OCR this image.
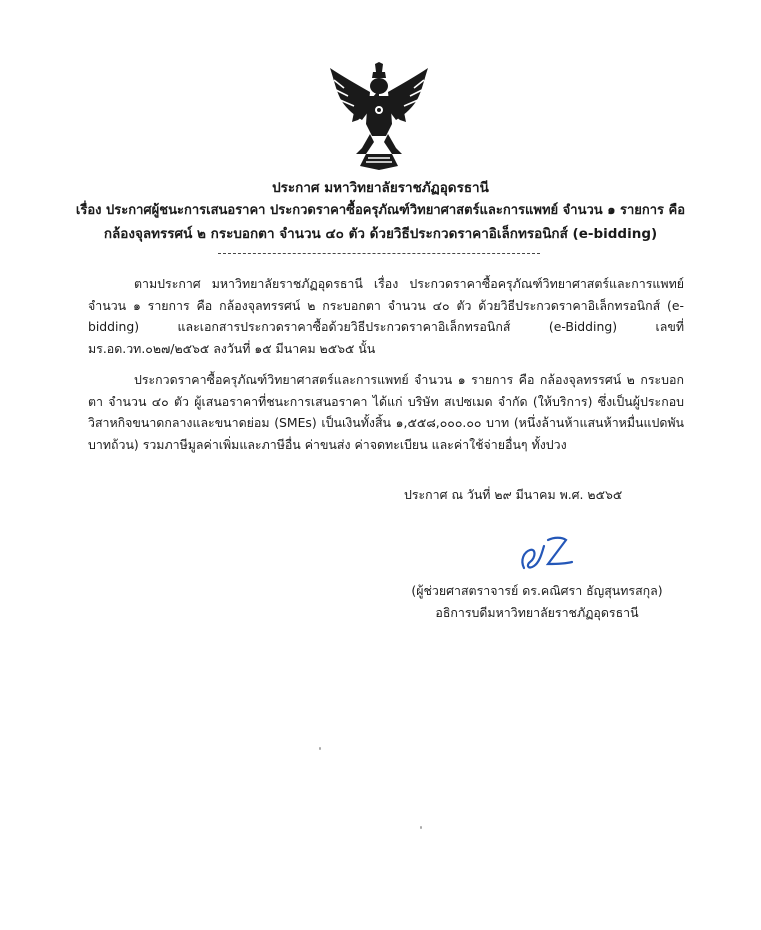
ประกาศ มหาวิทยาลัยราชภัฏอุดรธานี
เรื่อง ประกาศผู้ชนะการเสนอราคา ประกวดราคาซื้อครุภัณฑ์วิทยาศาสตร์และการแพทย์ จำนวน ๑ รายการ คือ
กล้องจุลทรรศน์ ๒ กระบอกตา จำนวน ๔๐ ตัว ด้วยวิธีประกวดราคาอิเล็กทรอนิกส์ (e-bidding)
ตามประกาศ มหาวิทยาลัยราชภัฏอุดรธานี เรื่อง ประกวดราคาซื้อครุภัณฑ์วิทยาศาสตร์และการแพทย์ จำนวน ๑ รายการ คือ กล้องจุลทรรศน์ ๒ กระบอกตา จำนวน ๔๐ ตัว ด้วยวิธีประกวดราคาอิเล็กทรอนิกส์ (e-bidding) และเอกสารประกวดราคาซื้อด้วยวิธีประกวดราคาอิเล็กทรอนิกส์ (e-Bidding) เลขที่ มร.อด.วท.๐๒๗/๒๕๖๕ ลงวันที่ ๑๕ มีนาคม ๒๕๖๕ นั้น
ประกวดราคาซื้อครุภัณฑ์วิทยาศาสตร์และการแพทย์ จำนวน ๑ รายการ คือ กล้องจุลทรรศน์ ๒ กระบอกตา จำนวน ๔๐ ตัว ผู้เสนอราคาที่ชนะการเสนอราคา ได้แก่ บริษัท สเปซเมด จำกัด (ให้บริการ) ซึ่งเป็นผู้ประกอบวิสาหกิจขนาดกลางและขนาดย่อม (SMEs) เป็นเงินทั้งสิ้น ๑,๕๕๘,๐๐๐.๐๐ บาท (หนึ่งล้านห้าแสนห้าหมื่นแปดพันบาทถ้วน) รวมภาษีมูลค่าเพิ่มและภาษีอื่น ค่าขนส่ง ค่าจดทะเบียน และค่าใช้จ่ายอื่นๆ ทั้งปวง
ประกาศ ณ วันที่ ๒๙ มีนาคม พ.ศ. ๒๕๖๕
(ผู้ช่วยศาสตราจารย์ ดร.คณิศรา ธัญสุนทรสกุล)
อธิการบดีมหาวิทยาลัยราชภัฏอุดรธานี
